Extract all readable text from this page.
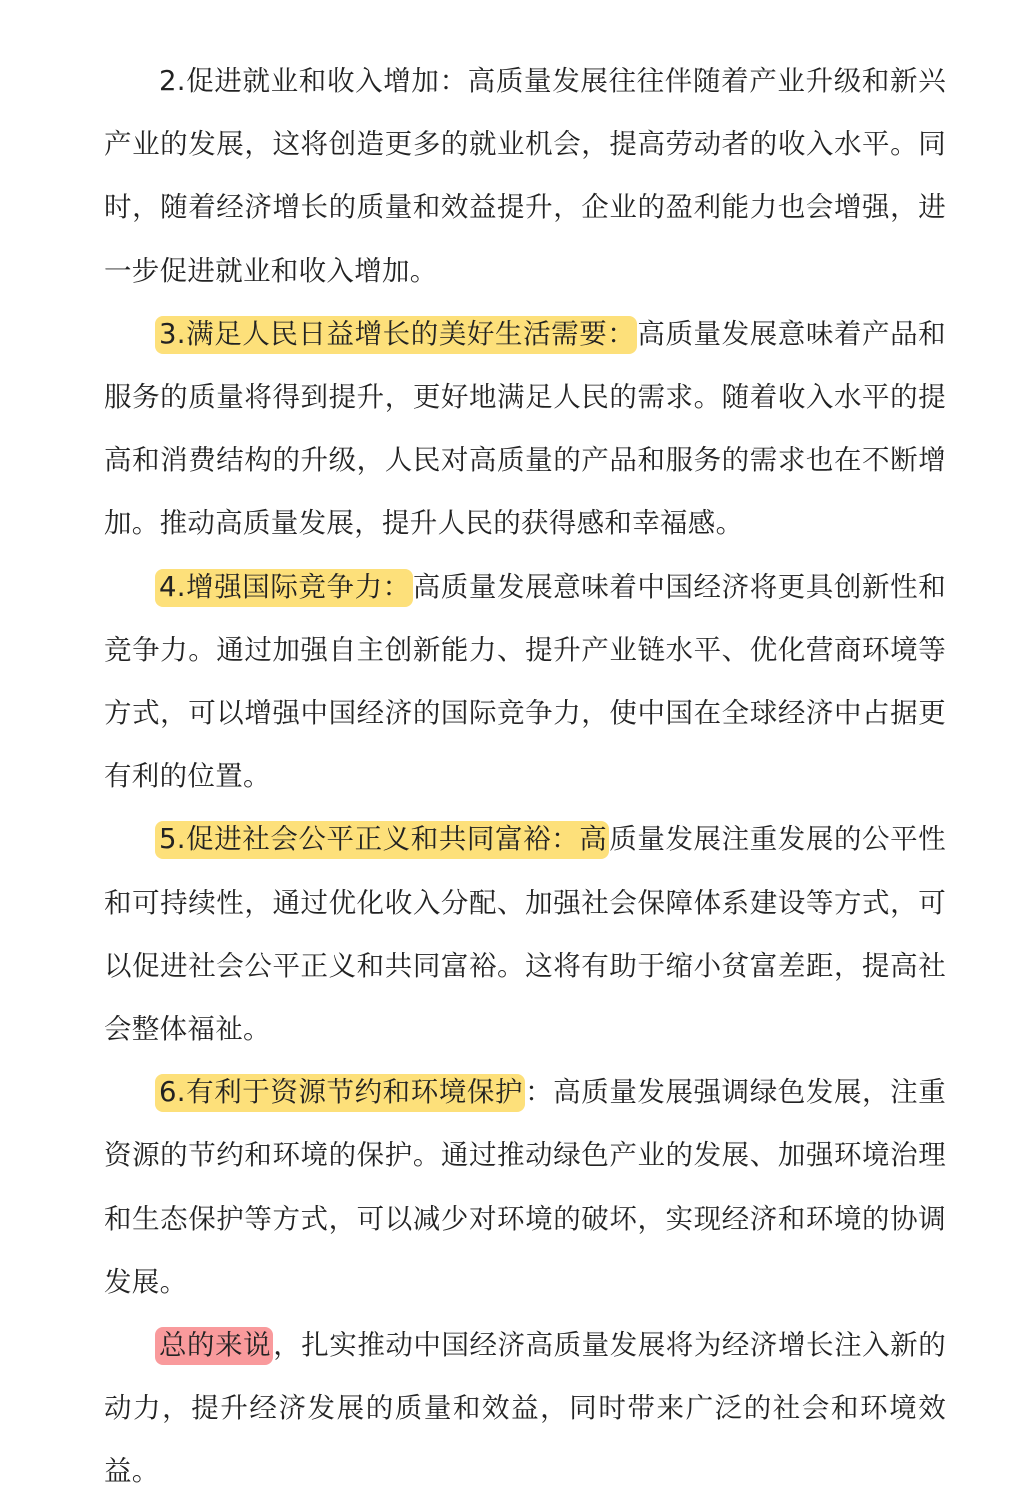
2.促进就业和收入增加：高质量发展往往伴随着产业升级和新兴产业的发展，这将创造更多的就业机会，提高劳动者的收入水平。同时，随着经济增长的质量和效益提升，企业的盈利能力也会增强，进一步促进就业和收入增加。

3.满足人民日益增长的美好生活需要：高质量发展意味着产品和服务的质量将得到提升，更好地满足人民的需求。随着收入水平的提高和消费结构的升级，人民对高质量的产品和服务的需求也在不断增加。推动高质量发展，提升人民的获得感和幸福感。

4.增强国际竞争力：高质量发展意味着中国经济将更具创新性和竞争力。通过加强自主创新能力、提升产业链水平、优化营商环境等方式，可以增强中国经济的国际竞争力，使中国在全球经济中占据更有利的位置。

5.促进社会公平正义和共同富裕：高质量发展注重发展的公平性和可持续性，通过优化收入分配、加强社会保障体系建设等方式，可以促进社会公平正义和共同富裕。这将有助于缩小贫富差距，提高社会整体福祉。

6.有利于资源节约和环境保护：高质量发展强调绿色发展，注重资源的节约和环境的保护。通过推动绿色产业的发展、加强环境治理和生态保护等方式，可以减少对环境的破坏，实现经济和环境的协调发展。

总的来说，扎实推动中国经济高质量发展将为经济增长注入新的动力，提升经济发展的质量和效益，同时带来广泛的社会和环境效益。
